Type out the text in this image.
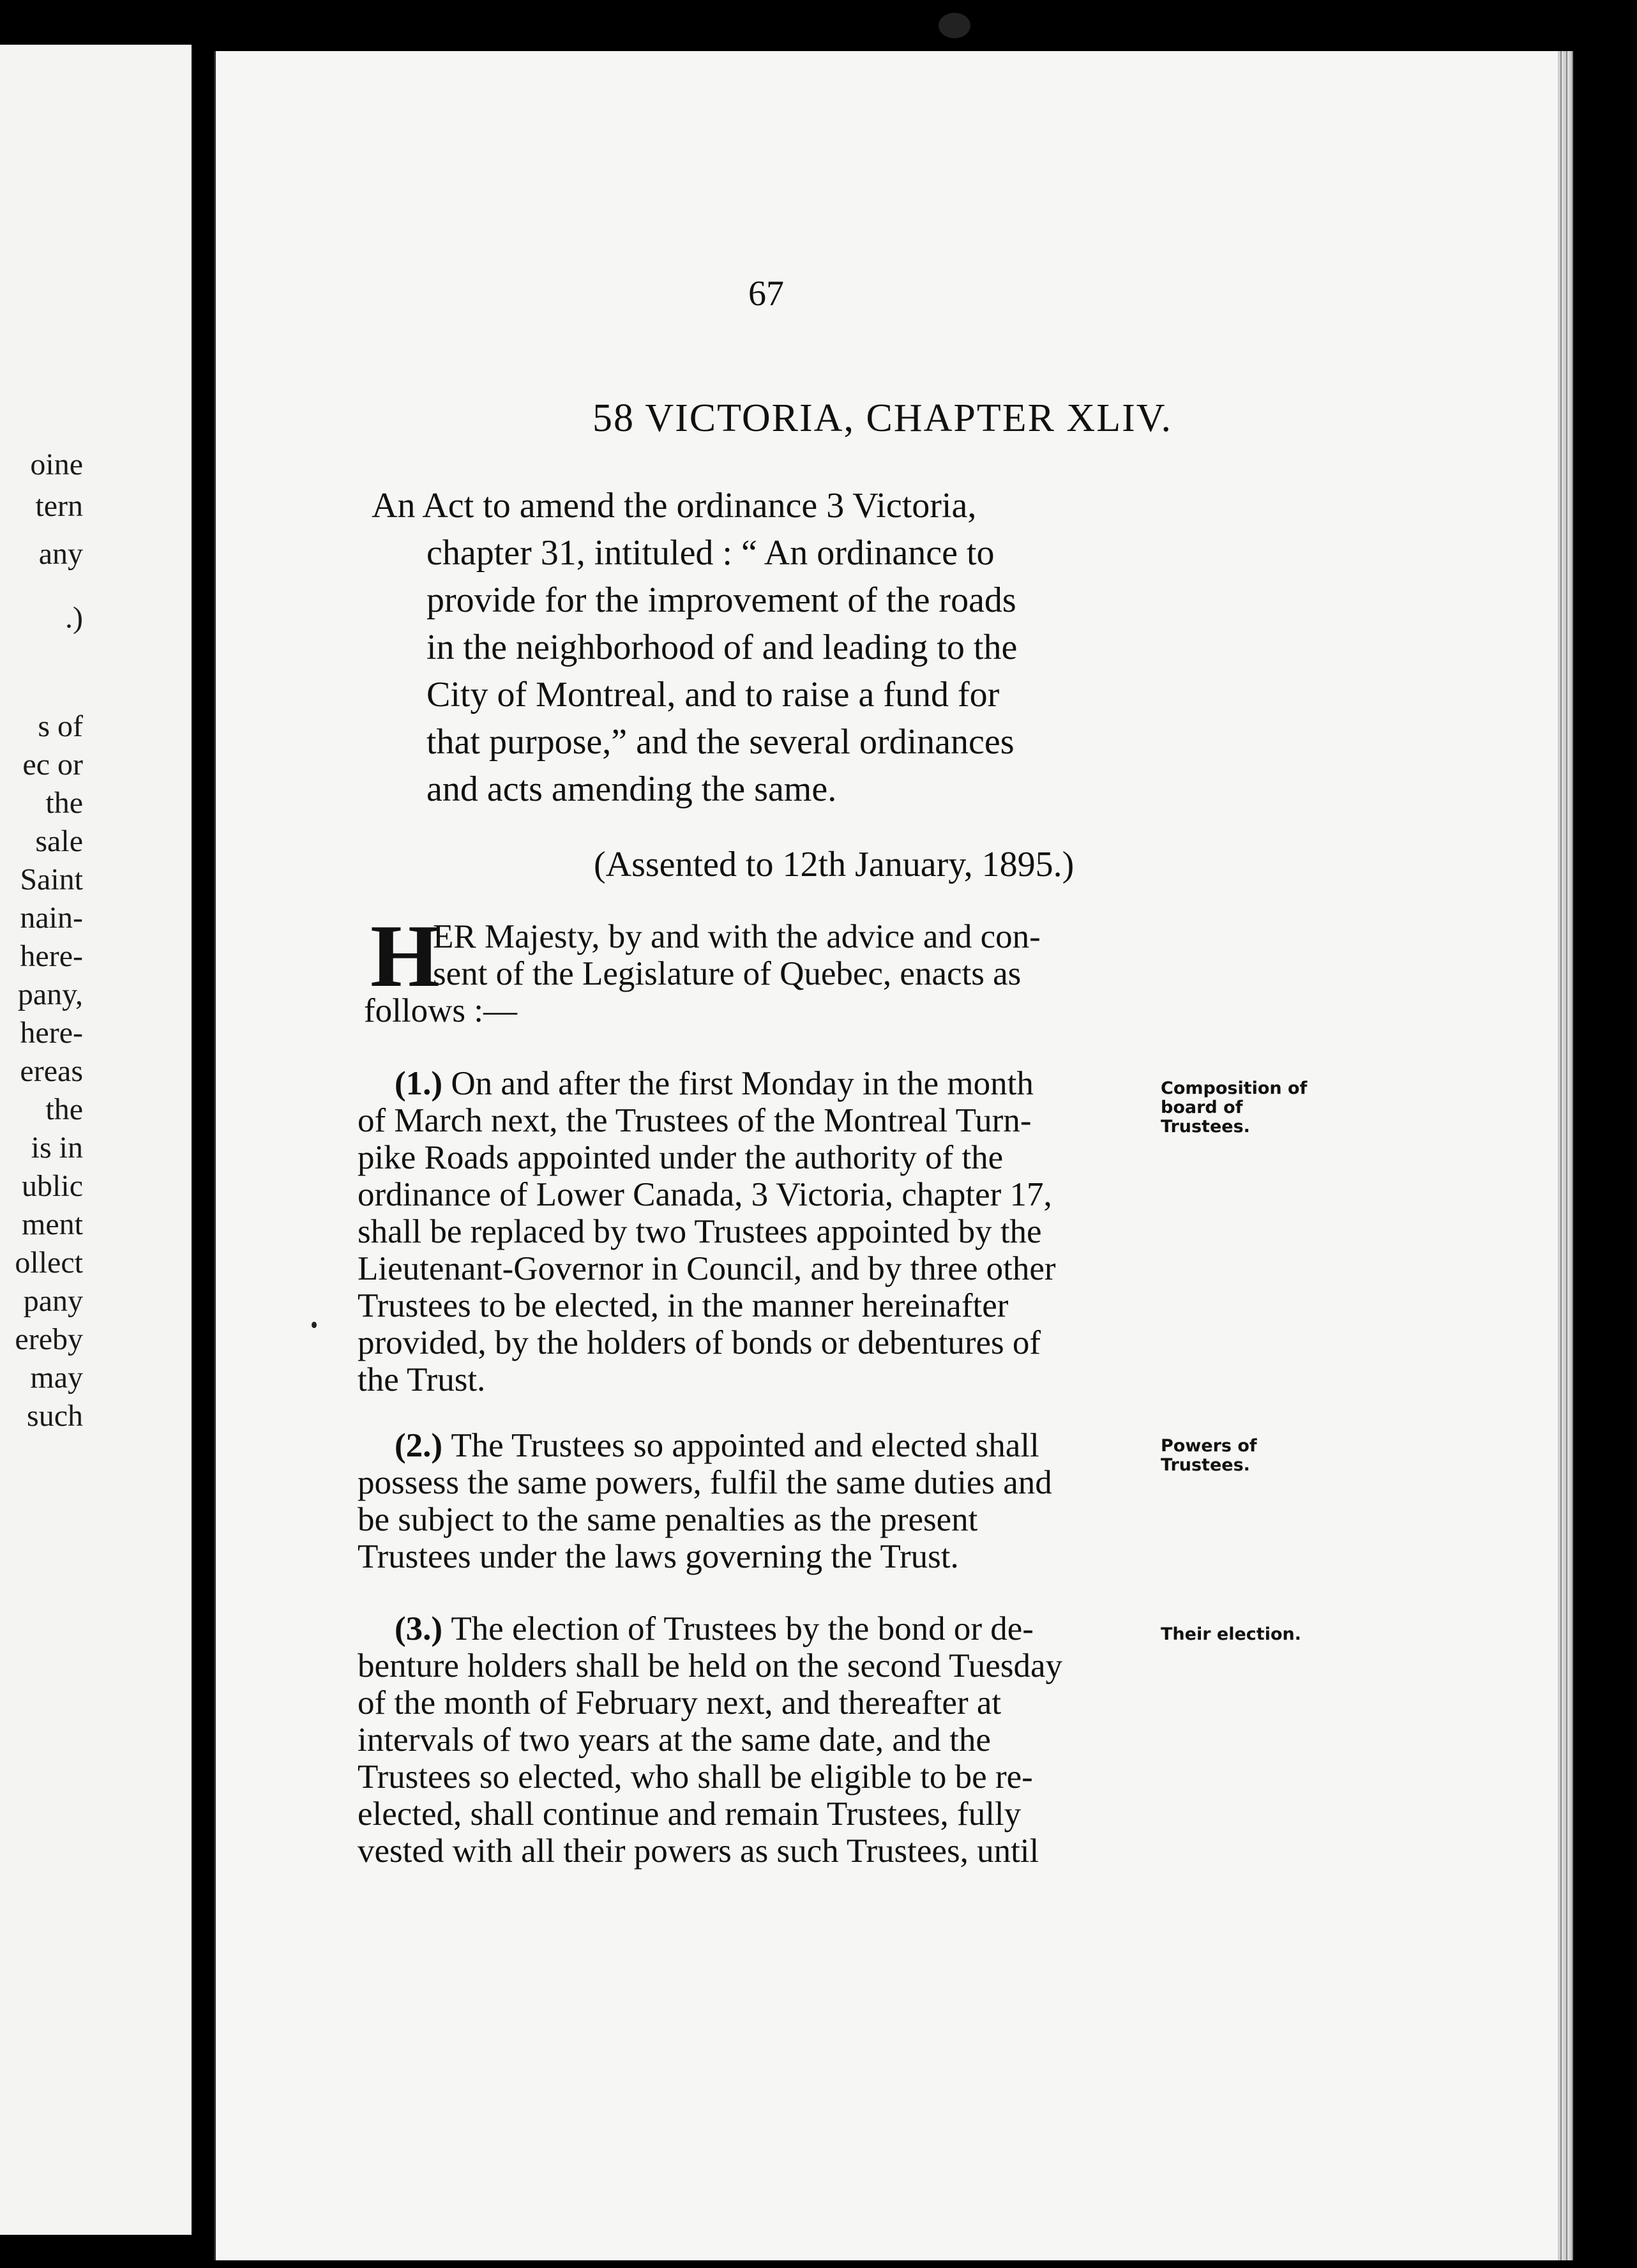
oine
tern
any
.)
s of
ec or
the
sale
Saint
nain-
here-
pany,
here-
ereas
the
is in
ublic
ment
ollect
pany
ereby
may
such
67
58 VICTORIA, CHAPTER XLIV.
An Act to amend the ordinance 3 Victoria,
chapter 31, intituled : “ An ordinance to
provide for the improvement of the roads
in the neighborhood of and leading to the
City of Montreal, and to raise a fund for
that purpose,” and the several ordinances
and acts amending the same.
(Assented to 12th January, 1895.)
H
ER Majesty, by and with the advice and con-
sent of the Legislature of Quebec, enacts as
follows :—
(1.) On and after the first Monday in the month
of March next, the Trustees of the Montreal Turn-
pike Roads appointed under the authority of the
ordinance of Lower Canada, 3 Victoria, chapter 17,
shall be replaced by two Trustees appointed by the
Lieutenant-Governor in Council, and by three other
Trustees to be elected, in the manner hereinafter
provided, by the holders of bonds or debentures of
the Trust.
Composition of
board of
Trustees.
(2.) The Trustees so appointed and elected shall
possess the same powers, fulfil the same duties and
be subject to the same penalties as the present
Trustees under the laws governing the Trust.
Powers of
Trustees.
(3.) The election of Trustees by the bond or de-
benture holders shall be held on the second Tuesday
of the month of February next, and thereafter at
intervals of two years at the same date, and the
Trustees so elected, who shall be eligible to be re-
elected, shall continue and remain Trustees, fully
vested with all their powers as such Trustees, until
Their election.
